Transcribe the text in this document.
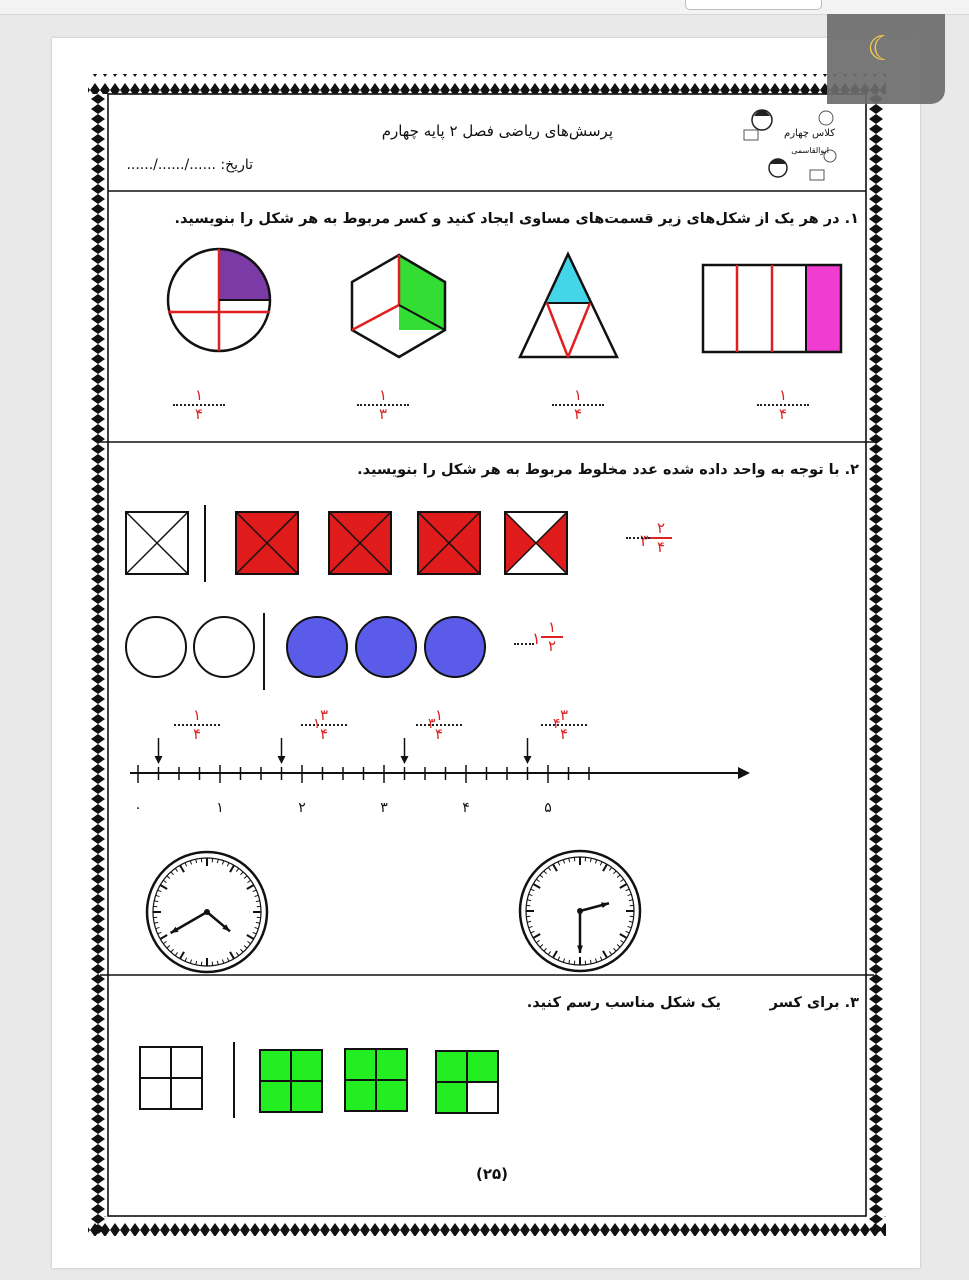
۰	۱	۲	۳	۴	۵
☾
پرسش‌های ریاضی فصل ۲ پایه چهارم
تاریخ: ....../....../......
کلاس چهارم
ابوالقاسمی
۱. در هر یک از شکل‌های زیر قسمت‌های مساوی ایجاد کنید و کسر مربوط به هر شکل را بنویسید.
۲. با توجه به واحد داده شده عدد مخلوط مربوط به هر شکل را بنویسید.
۳. برای کسر
یک شکل مناسب رسم کنید.
(۲۵)
۱
۴
۱
۳
۱
۴
۱
۴
۲
۴
۳
۱
۲
۱
۱
۴
۳
۴
۱	۱
۴
۳	۳
۴
۴
